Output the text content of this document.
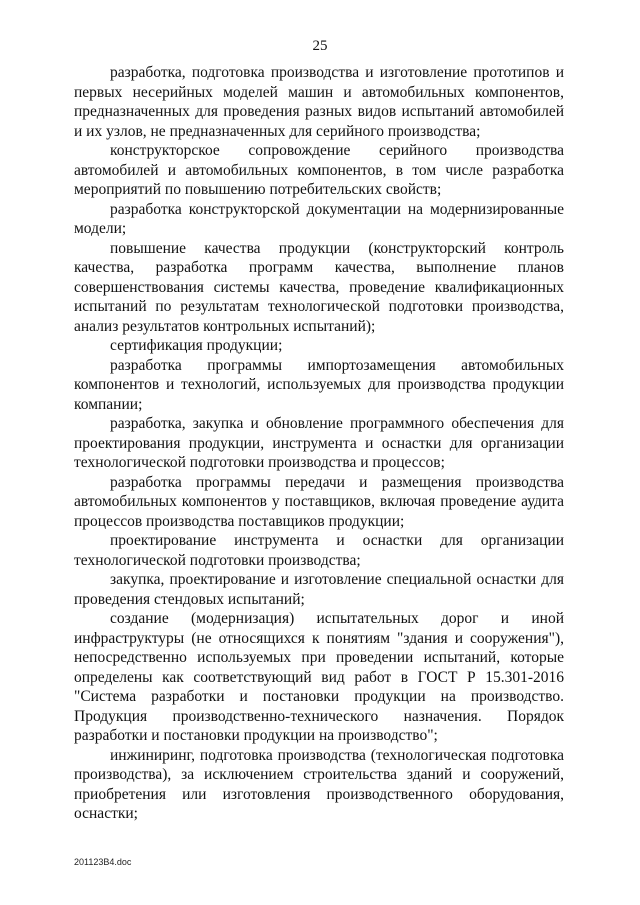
25

разработка, подготовка производства и изготовление прототипов и первых несерийных моделей машин и автомобильных компонентов, предназначенных для проведения разных видов испытаний автомобилей и их узлов, не предназначенных для серийного производства;

конструкторское сопровождение серийного производства автомобилей и автомобильных компонентов, в том числе разработка мероприятий по повышению потребительских свойств;

разработка конструкторской документации на модернизированные модели;

повышение качества продукции (конструкторский контроль качества, разработка программ качества, выполнение планов совершенствования системы качества, проведение квалификационных испытаний по результатам технологической подготовки производства, анализ результатов контрольных испытаний);

сертификация продукции;

разработка программы импортозамещения автомобильных компонентов и технологий, используемых для производства продукции компании;

разработка, закупка и обновление программного обеспечения для проектирования продукции, инструмента и оснастки для организации технологической подготовки производства и процессов;

разработка программы передачи и размещения производства автомобильных компонентов у поставщиков, включая проведение аудита процессов производства поставщиков продукции;

проектирование инструмента и оснастки для организации технологической подготовки производства;

закупка, проектирование и изготовление специальной оснастки для проведения стендовых испытаний;

создание (модернизация) испытательных дорог и иной инфраструктуры (не относящихся к понятиям "здания и сооружения"), непосредственно используемых при проведении испытаний, которые определены как соответствующий вид работ в ГОСТ Р 15.301-2016 "Система разработки и постановки продукции на производство. Продукция производственно-технического назначения. Порядок разработки и постановки продукции на производство";

инжиниринг, подготовка производства (технологическая подготовка производства), за исключением строительства зданий и сооружений, приобретения или изготовления производственного оборудования, оснастки;

201123В4.doc
